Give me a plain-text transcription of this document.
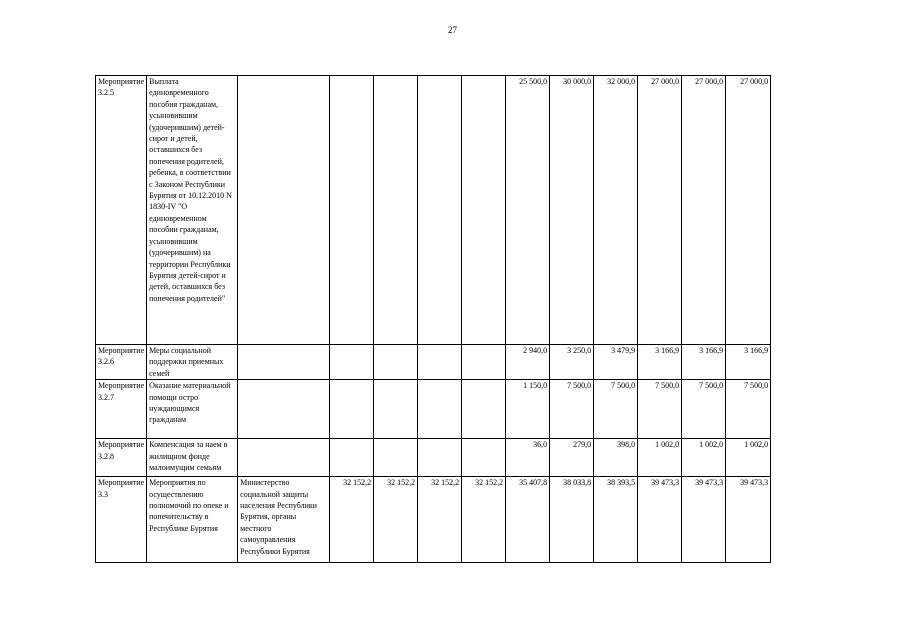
27
Мероприятие 3.2.5	Выплата единовременного пособия гражданам, усыновившим (удочерившим) детей-сирот и детей, оставшихся без попечения родителей, ребенка, в соответствии с Законом Республики Бурятия от 10.12.2010 N 1830-IV "О единовременном пособии гражданам, усыновившим (удочерившим) на территории Республики Бурятия детей-сирот и детей, оставшихся без попечения родителей"						25 500,0	30 000,0	32 000,0	27 000,0	27 000,0	27 000,0
Мероприятие 3.2.6	Меры социальной поддержки приемных семей						2 940,0	3 250,0	3 479,9	3 166,9	3 166,9	3 166,9
Мероприятие 3.2.7	Оказание материальной помощи остро нуждающимся гражданам						1 150,0	7 500,0	7 500,0	7 500,0	7 500,0	7 500,0
Мероприятие 3.2.8	Компенсация за наем в жилищном фонде малоимущим семьям						36,0	279,0	398,0	1 002,0	1 002,0	1 002,0
Мероприятие 3.3	Мероприятия по осуществлению полномочий по опеке и попечительству в Республике Бурятия	Министерство социальной защиты населения Республики Бурятия, органы местного самоуправления Республики Бурятия	32 152,2	32 152,2	32 152,2	32 152,2	35 407,8	38 033,8	38 393,5	39 473,3	39 473,3	39 473,3
